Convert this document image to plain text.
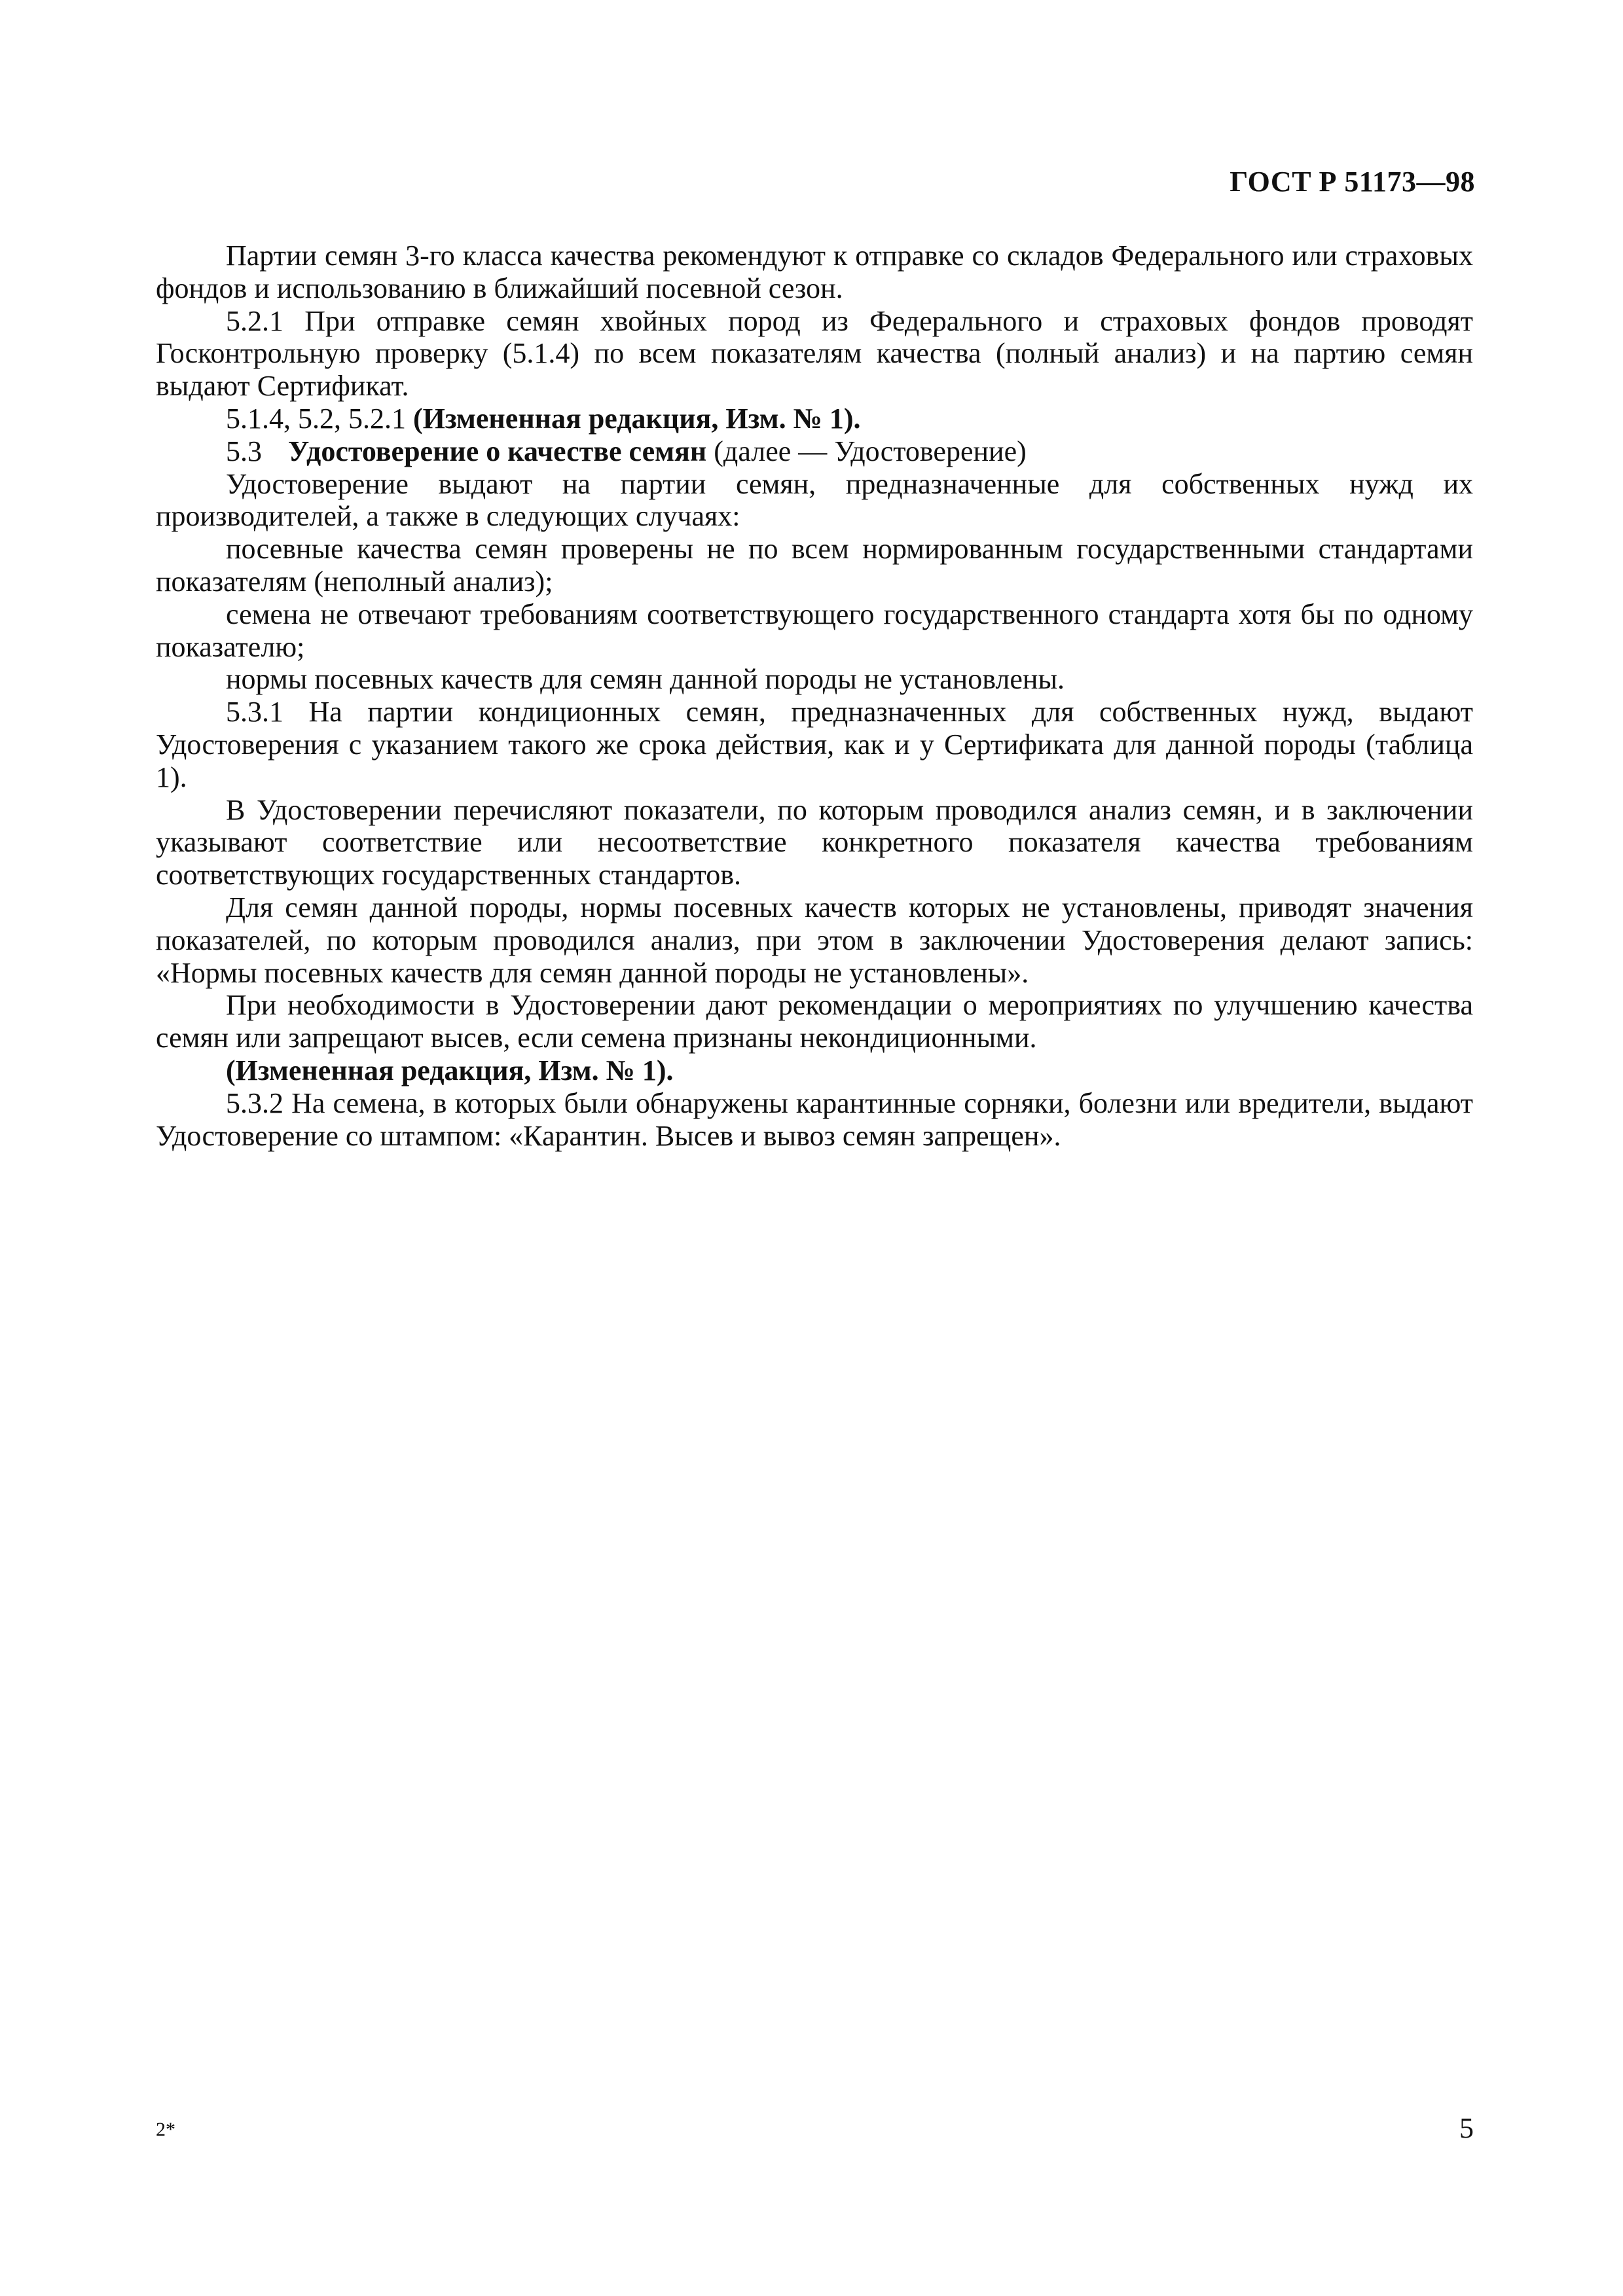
ГОСТ Р 51173—98

Партии семян 3-го класса качества рекомендуют к отправке со складов Федерального или страховых фондов и использованию в ближайший посевной сезон.

5.2.1 При отправке семян хвойных пород из Федерального и страховых фондов проводят Госконтрольную проверку (5.1.4) по всем показателям качества (полный анализ) и на партию семян выдают Сертификат.

5.1.4, 5.2, 5.2.1 (Измененная редакция, Изм. № 1).

5.3 Удостоверение о качестве семян (далее — Удостоверение)

Удостоверение выдают на партии семян, предназначенные для собственных нужд их производителей, а также в следующих случаях:

посевные качества семян проверены не по всем нормированным государственными стандартами показателям (неполный анализ);

семена не отвечают требованиям соответствующего государственного стандарта хотя бы по одному показателю;

нормы посевных качеств для семян данной породы не установлены.

5.3.1 На партии кондиционных семян, предназначенных для собственных нужд, выдают Удостоверения с указанием такого же срока действия, как и у Сертификата для данной породы (таблица 1).

В Удостоверении перечисляют показатели, по которым проводился анализ семян, и в заключении указывают соответствие или несоответствие конкретного показателя качества требованиям соответствующих государственных стандартов.

Для семян данной породы, нормы посевных качеств которых не установлены, приводят значения показателей, по которым проводился анализ, при этом в заключении Удостоверения делают запись: «Нормы посевных качеств для семян данной породы не установлены».

При необходимости в Удостоверении дают рекомендации о мероприятиях по улучшению качества семян или запрещают высев, если семена признаны некондиционными.

(Измененная редакция, Изм. № 1).

5.3.2 На семена, в которых были обнаружены карантинные сорняки, болезни или вредители, выдают Удостоверение со штампом: «Карантин. Высев и вывоз семян запрещен».

2*	5
